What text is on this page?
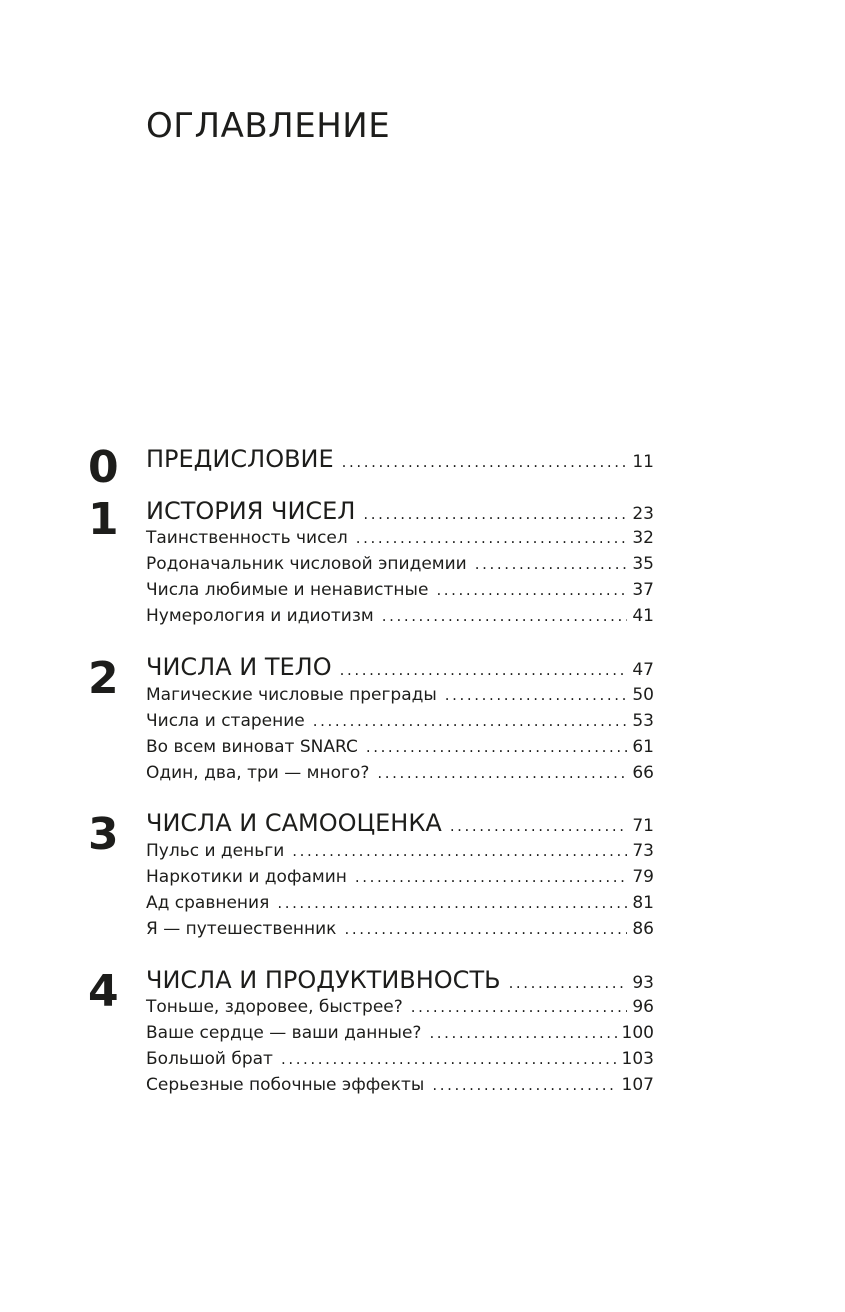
ОГЛАВЛЕНИЕ
0 ПРЕДИСЛОВИЕ .....	11
1 ИСТОРИЯ ЧИСЕЛ .....	23
Таинственность чисел .....	32
Родоначальник числовой эпидемии .....	35
Числа любимые и ненавистные .....	37
Нумерология и идиотизм .....	41
2 ЧИСЛА И ТЕЛО .....	47
Магические числовые преграды .....	50
Числа и старение .....	53
Во всем виноват SNARC .....	61
Один, два, три — много? .....	66
3 ЧИСЛА И САМООЦЕНКА .....	71
Пульс и деньги .....	73
Наркотики и дофамин .....	79
Ад сравнения .....	81
Я — путешественник .....	86
4 ЧИСЛА И ПРОДУКТИВНОСТЬ .....	93
Тоньше, здоровее, быстрее? .....	96
Ваше сердце — ваши данные? .....	100
Большой брат .....	103
Серьезные побочные эффекты .....	107
